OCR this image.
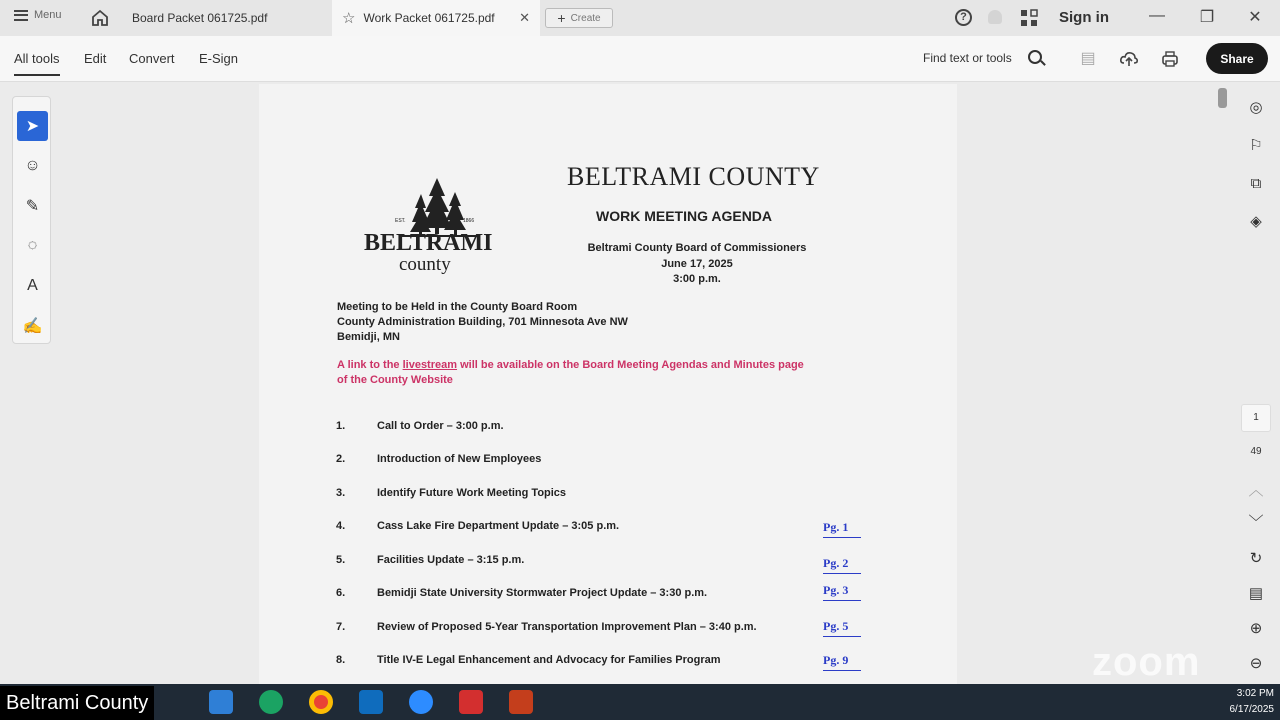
Menu	Board Packet 061725.pdf	☆ Work Packet 061725.pdf ✕ + Create	?	Sign in	— ❐ ✕
All tools Edit Convert E-Sign	Find text or tools	▤	Share
➤
☺
✎
◌
A
✍
EST.	1866
BELTRAMI
county
BELTRAMI COUNTY
WORK MEETING AGENDA
Beltrami County Board of Commissioners
June 17, 2025
3:00 p.m.
Meeting to be Held in the County Board Room
County Administration Building, 701 Minnesota Ave NW
Bemidji, MN
A link to the livestream will be available on the Board Meeting Agendas and Minutes page
of the County Website
1.	Call to Order – 3:00 p.m.
2.	Introduction of New Employees
3.	Identify Future Work Meeting Topics
4.	Cass Lake Fire Department Update – 3:05 p.m.	Pg. 1
5.	Facilities Update – 3:15 p.m.	Pg. 2
6.	Bemidji State University Stormwater Project Update – 3:30 p.m.	Pg. 3
7.	Review of Proposed 5-Year Transportation Improvement Plan – 3:40 p.m.	Pg. 5
8.	Title IV-E Legal Enhancement and Advocacy for Families Program	Pg. 9
◎
⚐
⧉
◈
1
49
︿
﹀
↻
▤
⊕
⊖
zoom
Beltrami County	3:02 PM
6/17/2025
